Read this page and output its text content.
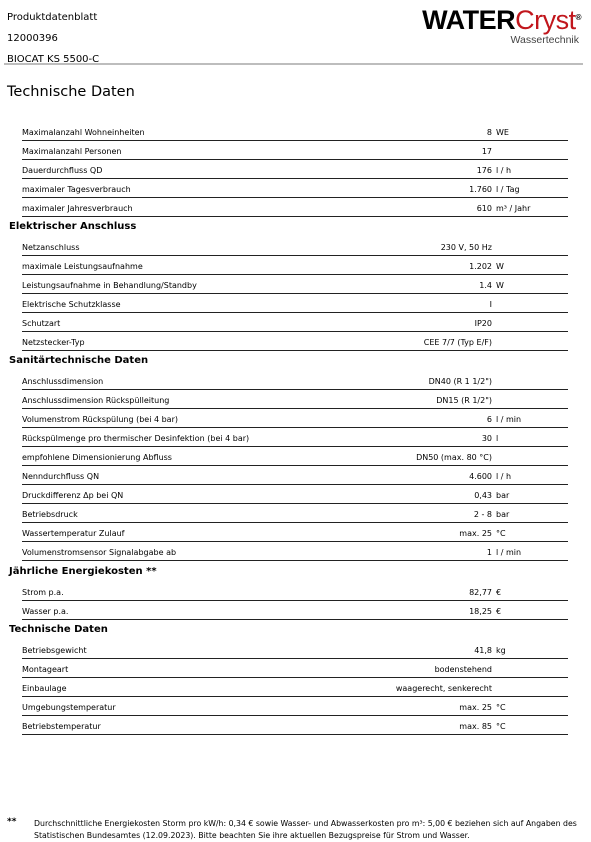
Produktdatenblatt
12000396
BIOCAT KS 5500-C
WATERCryst®
Wassertechnik
Technische Daten
Maximalanzahl Wohneinheiten	8 WE
Maximalanzahl Personen	17
Dauerdurchfluss QD	176 l / h
maximaler Tagesverbrauch	1.760 l / Tag
maximaler Jahresverbrauch	610 m³ / Jahr
Elektrischer Anschluss
Netzanschluss	230 V, 50 Hz
maximale Leistungsaufnahme	1.202 W
Leistungsaufnahme in Behandlung/Standby	1.4 W
Elektrische Schutzklasse	I
Schutzart	IP20
Netzstecker-Typ	CEE 7/7 (Typ E/F)
Sanitärtechnische Daten
Anschlussdimension	DN40 (R 1 1/2")
Anschlussdimension Rückspülleitung	DN15 (R 1/2")
Volumenstrom Rückspülung (bei 4 bar)	6 l / min
Rückspülmenge pro thermischer Desinfektion (bei 4 bar)	30 l
empfohlene Dimensionierung Abfluss	DN50 (max. 80 °C)
Nenndurchfluss QN	4.600 l / h
Druckdifferenz Δp bei QN	0,43 bar
Betriebsdruck	2 - 8 bar
Wassertemperatur Zulauf	max. 25 °C
Volumenstromsensor Signalabgabe ab	1 l / min
Jährliche Energiekosten **
Strom p.a.	82,77 €
Wasser p.a.	18,25 €
Technische Daten
Betriebsgewicht	41,8 kg
Montageart	bodenstehend
Einbaulage	waagerecht, senkerecht
Umgebungstemperatur	max. 25 °C
Betriebstemperatur	max. 85 °C
** Durchschnittliche Energiekosten Storm pro kW/h: 0,34 € sowie Wasser- und Abwasserkosten pro m³: 5,00 € beziehen sich auf Angaben des Statistischen Bundesamtes (12.09.2023). Bitte beachten Sie ihre aktuellen Bezugspreise für Strom und Wasser.
